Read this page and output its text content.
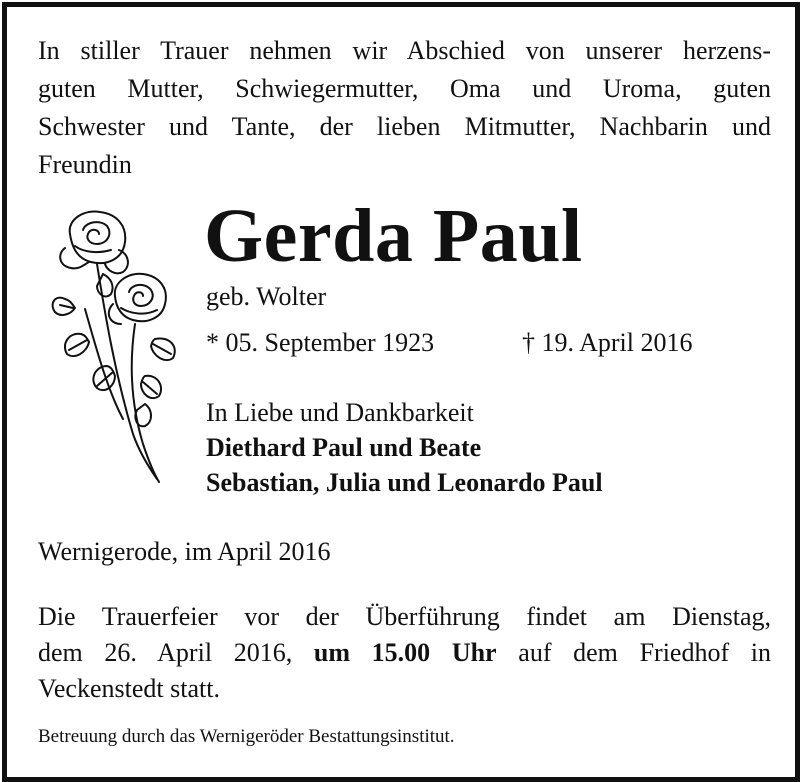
In stiller Trauer nehmen wir Abschied von unserer herzens-
guten Mutter, Schwiegermutter, Oma und Uroma, guten
Schwester und Tante, der lieben Mitmutter, Nachbarin und
Freundin
Gerda Paul
geb. Wolter
* 05. September 1923	† 19. April 2016
In Liebe und Dankbarkeit
Diethard Paul und Beate
Sebastian, Julia und Leonardo Paul
Wernigerode, im April 2016
Die Trauerfeier vor der Überführung findet am Dienstag,
dem 26. April 2016, um 15.00 Uhr auf dem Friedhof in
Veckenstedt statt.
Betreuung durch das Wernigeröder Bestattungsinstitut.
